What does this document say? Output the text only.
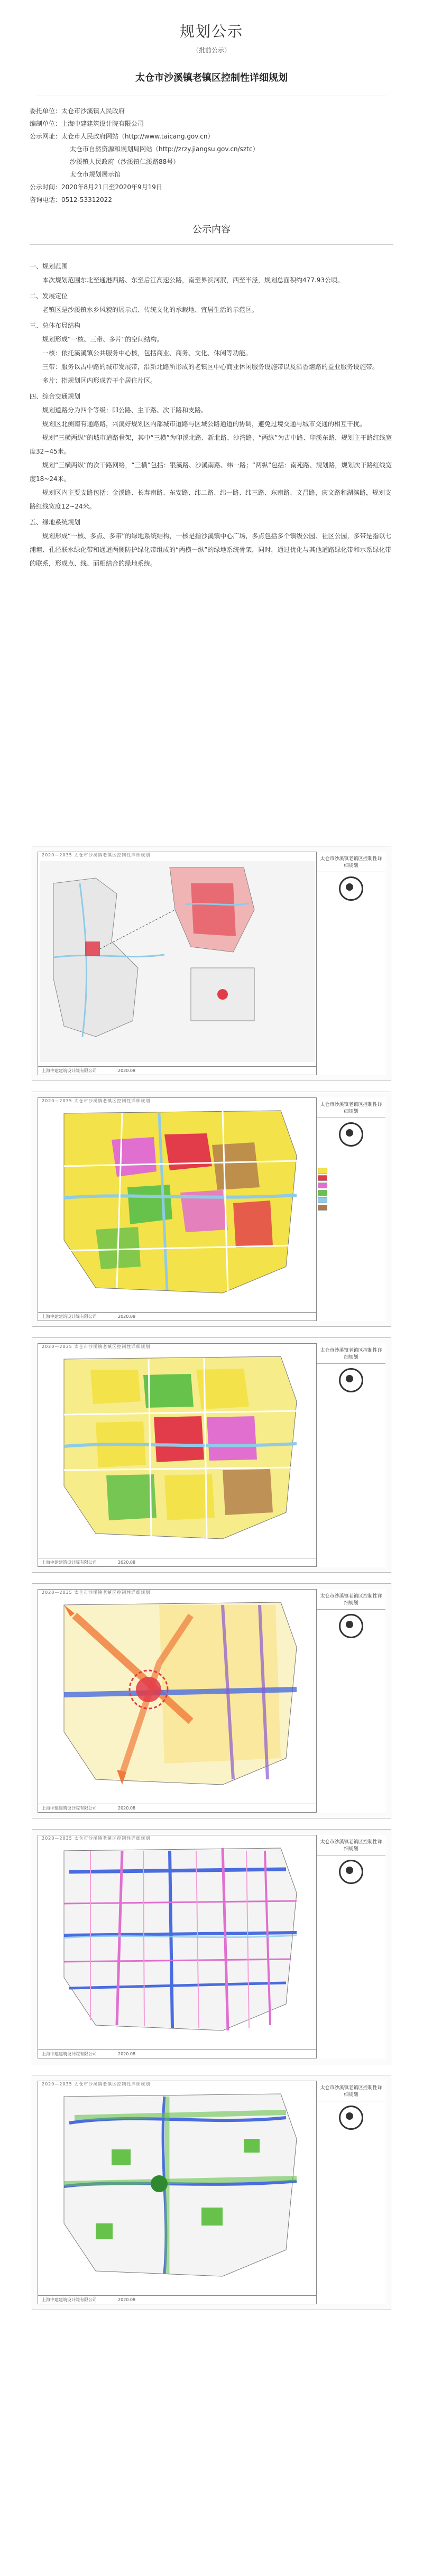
规划公示
（批前公示）
太仓市沙溪镇老镇区控制性详细规划
委托单位：太仓市沙溪镇人民政府
编制单位：上海中建建筑设计院有限公司
公示网址：太仓市人民政府网站（http://www.taicang.gov.cn）
太仓市自然资源和规划局网站（http://zrzy.jiangsu.gov.cn/sztc）
沙溪镇人民政府（沙溪镇仁溪路88号）
太仓市规划展示馆
公示时间：2020年8月21日至2020年9月19日
咨询电话：0512-53312022
公示内容

一、规划范围

本次规划范围东北至通港西路、东至后江高速公路，南至界浜河泯，西至半泾，规划总面积约477.93公顷。

二、发展定位

老镇区是沙溪镇水乡风貌的展示点、传统文化的承载地、宜居生活的示范区。

三、总体布局结构

规划形成“一核、三带、多片”的空间结构。

一核：依托溪溪镇公共服务中心核，包括商业、商务、文化、休闲等功能。

三带：服务以古中路的城市发展带，沿新北路所形成的老镇区中心商业休闲服务设施带以及沿香塘路的益业服务设施带。

多片：指规划区内形成若干个居住片区。

四、综合交通规划

规划道路分为四个等级：即公路、主干路、次干路和支路。

规划区北侧南有通路路，兴溪好规划区内部城市道路与区域公路通道的协调，避免过境交通与城市交通的相互干扰。

规划“三横两纵”的城市道路骨架，其中“三横”为印溪北路、新北路、沙湾路，“两纵”为古中路、印溪东路，规划主干路红线宽度32~45米。

规划“三横两纵”的次干路网络，“三横”包括：银溪路、沙溪南路、纬一路；“两纵”包括：南苑路、规划路，规划次干路红线宽度18~24米。

规划区内主要支路包括：金溪路、长寿南路、东安路、纬二路、纬一路、纬三路、东南路、文昌路，庆文路和湖滨路，规划支路红线宽度12~24米。

五、绿地系统规划

规划形成“一核、多点、多带”的绿地系统结构，一核是指沙溪镇中心广场，多点包括多个镇级公园、社区公园，多带是指以七浦塘、孔泾联水绿化带和通道两侧防护绿化带组成的“两横一纵”的绿地系统骨架，同时，通过优化与其他道路绿化带和水系绿化带的联系，形成点、线、面相结合的绿地系统。

2020—2035 太仓市沙溪镇老镇区控制性详细规划
太仓市沙溪镇老镇区控制性详细规划
上海中建建筑设计院有限公司	2020.08
2020—2035 太仓市沙溪镇老镇区控制性详细规划
太仓市沙溪镇老镇区控制性详细规划
上海中建建筑设计院有限公司	2020.08
2020—2035 太仓市沙溪镇老镇区控制性详细规划
太仓市沙溪镇老镇区控制性详细规划
上海中建建筑设计院有限公司	2020.08
2020—2035 太仓市沙溪镇老镇区控制性详细规划
太仓市沙溪镇老镇区控制性详细规划
上海中建建筑设计院有限公司	2020.08
2020—2035 太仓市沙溪镇老镇区控制性详细规划
太仓市沙溪镇老镇区控制性详细规划
上海中建建筑设计院有限公司	2020.08
2020—2035 太仓市沙溪镇老镇区控制性详细规划
太仓市沙溪镇老镇区控制性详细规划
上海中建建筑设计院有限公司	2020.08
